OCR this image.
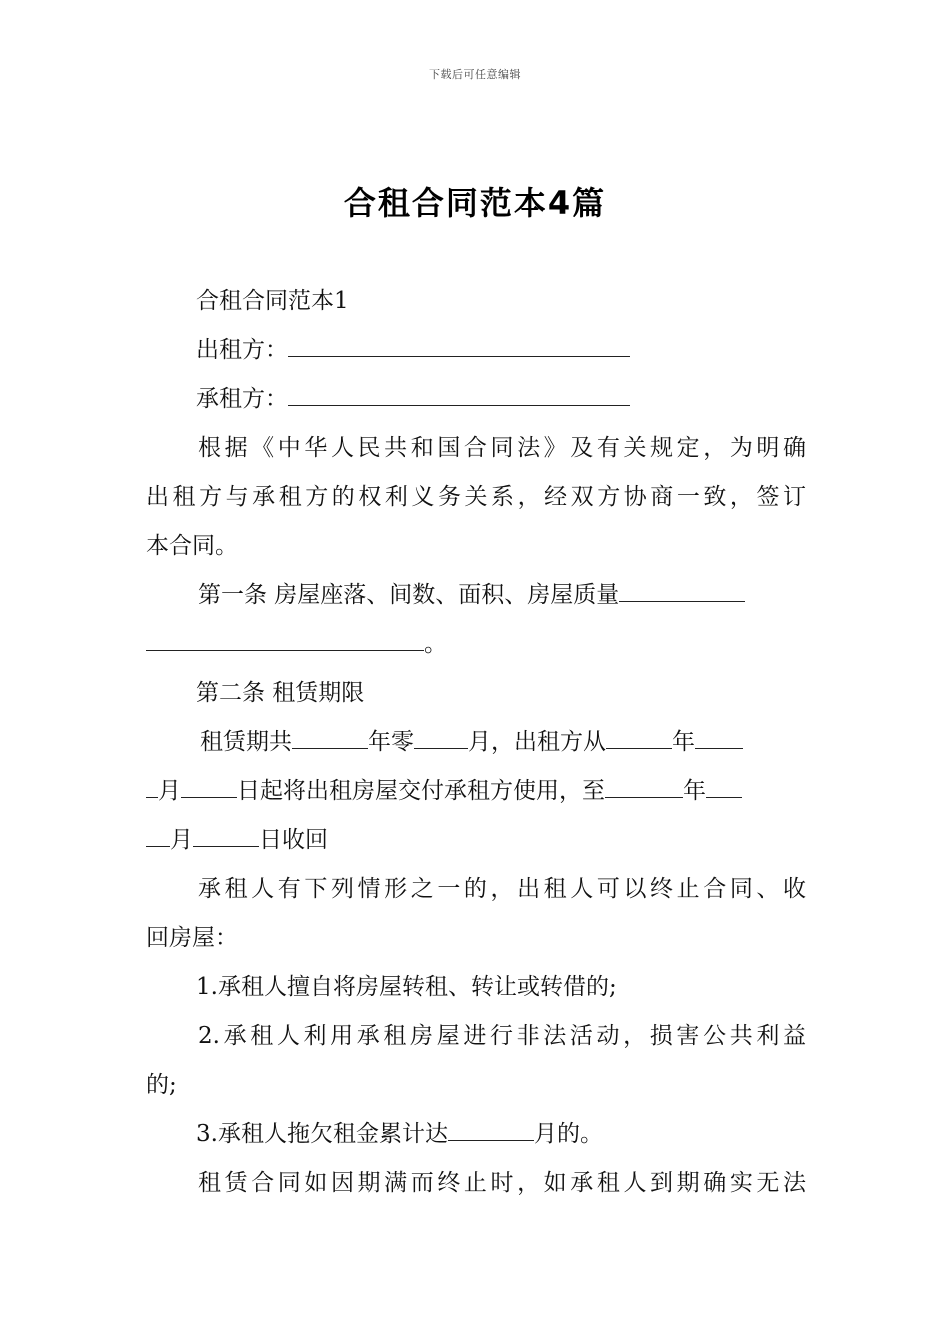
下载后可任意编辑
合租合同范本4篇
合租合同范本1
出租方：
承租方：
根据《中华人民共和国合同法》及有关规定，为明确
出租方与承租方的权利义务关系，经双方协商一致，签订
本合同。
第一条 房屋座落、间数、面积、房屋质量
。
第二条 租赁期限
租赁期共	年零 月，出租方从	年
月 日起将出租房屋交付承租方使用，至	年
月	日收回
承租人有下列情形之一的，出租人可以终止合同、收
回房屋：
1.承租人擅自将房屋转租、转让或转借的;
2.承租人利用承租房屋进行非法活动，损害公共利益
的;
3.承租人拖欠租金累计达	月的。
租赁合同如因期满而终止时，如承租人到期确实无法
